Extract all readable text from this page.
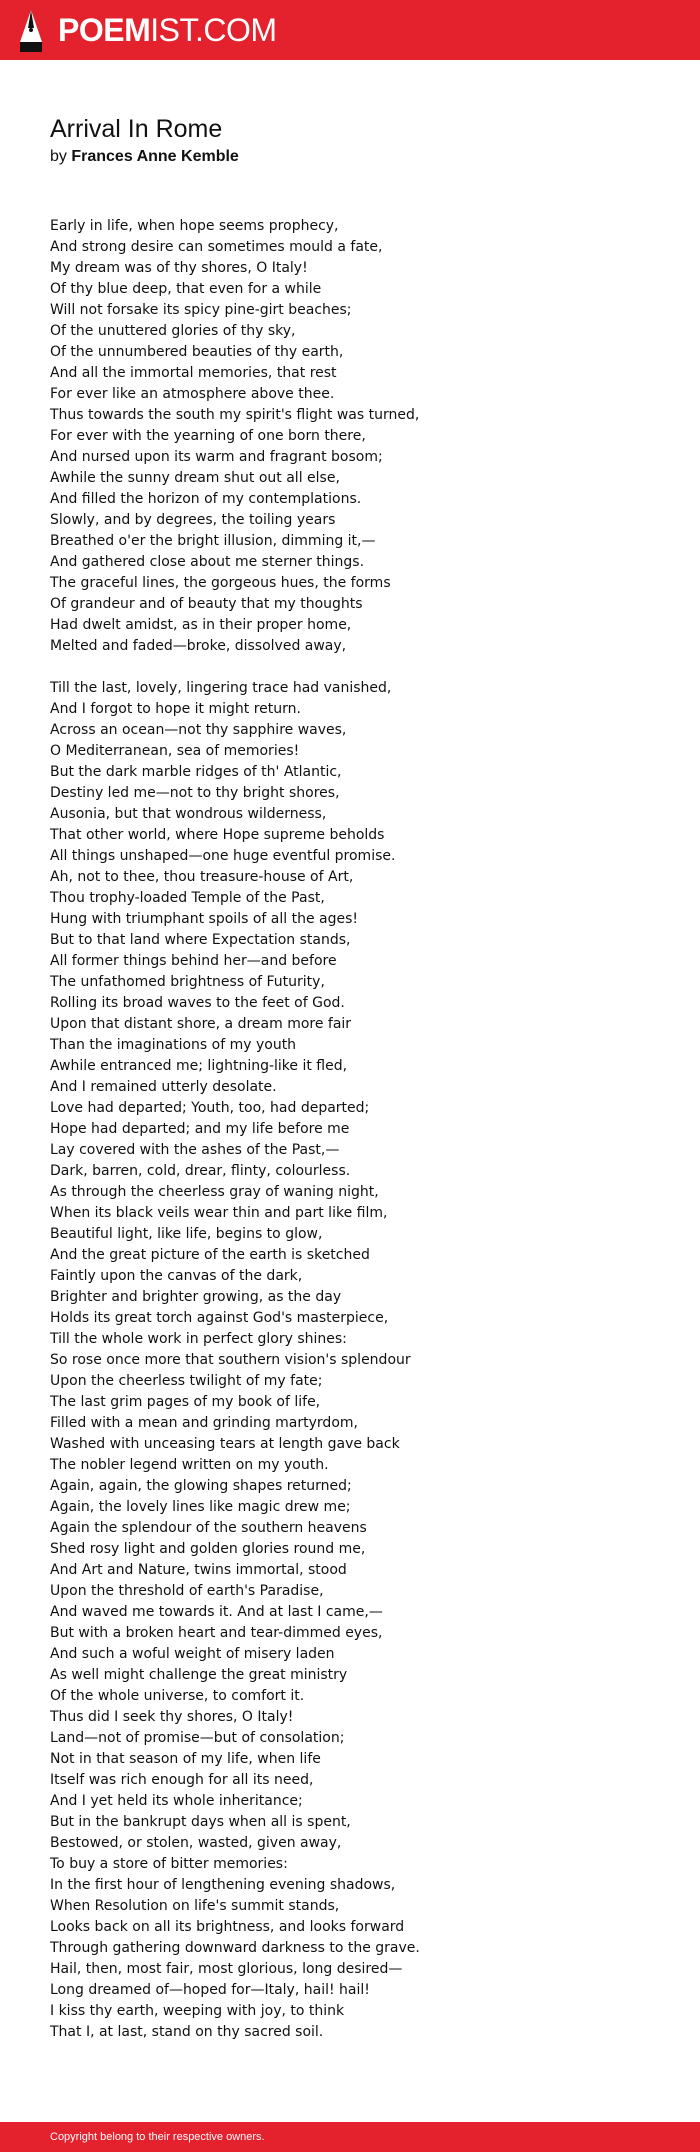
POEMIST.COM
Arrival In Rome

by Frances Anne Kemble

Early in life, when hope seems prophecy,
And strong desire can sometimes mould a fate,
My dream was of thy shores, O Italy!
Of thy blue deep, that even for a while
Will not forsake its spicy pine-girt beaches;
Of the unuttered glories of thy sky,
Of the unnumbered beauties of thy earth,
And all the immortal memories, that rest
For ever like an atmosphere above thee.
Thus towards the south my spirit's flight was turned,
For ever with the yearning of one born there,
And nursed upon its warm and fragrant bosom;
Awhile the sunny dream shut out all else,
And filled the horizon of my contemplations.
Slowly, and by degrees, the toiling years
Breathed o'er the bright illusion, dimming it,—
And gathered close about me sterner things.
The graceful lines, the gorgeous hues, the forms
Of grandeur and of beauty that my thoughts
Had dwelt amidst, as in their proper home,
Melted and faded—broke, dissolved away,
Till the last, lovely, lingering trace had vanished,
And I forgot to hope it might return.
Across an ocean—not thy sapphire waves,
O Mediterranean, sea of memories!
But the dark marble ridges of th' Atlantic,
Destiny led me—not to thy bright shores,
Ausonia, but that wondrous wilderness,
That other world, where Hope supreme beholds
All things unshaped—one huge eventful promise.
Ah, not to thee, thou treasure-house of Art,
Thou trophy-loaded Temple of the Past,
Hung with triumphant spoils of all the ages!
But to that land where Expectation stands,
All former things behind her—and before
The unfathomed brightness of Futurity,
Rolling its broad waves to the feet of God.
Upon that distant shore, a dream more fair
Than the imaginations of my youth
Awhile entranced me; lightning-like it fled,
And I remained utterly desolate.
Love had departed; Youth, too, had departed;
Hope had departed; and my life before me
Lay covered with the ashes of the Past,—
Dark, barren, cold, drear, flinty, colourless.
As through the cheerless gray of waning night,
When its black veils wear thin and part like film,
Beautiful light, like life, begins to glow,
And the great picture of the earth is sketched
Faintly upon the canvas of the dark,
Brighter and brighter growing, as the day
Holds its great torch against God's masterpiece,
Till the whole work in perfect glory shines:
So rose once more that southern vision's splendour
Upon the cheerless twilight of my fate;
The last grim pages of my book of life,
Filled with a mean and grinding martyrdom,
Washed with unceasing tears at length gave back
The nobler legend written on my youth.
Again, again, the glowing shapes returned;
Again, the lovely lines like magic drew me;
Again the splendour of the southern heavens
Shed rosy light and golden glories round me,
And Art and Nature, twins immortal, stood
Upon the threshold of earth's Paradise,
And waved me towards it. And at last I came,—
But with a broken heart and tear-dimmed eyes,
And such a woful weight of misery laden
As well might challenge the great ministry
Of the whole universe, to comfort it.
Thus did I seek thy shores, O Italy!
Land—not of promise—but of consolation;
Not in that season of my life, when life
Itself was rich enough for all its need,
And I yet held its whole inheritance;
But in the bankrupt days when all is spent,
Bestowed, or stolen, wasted, given away,
To buy a store of bitter memories:
In the first hour of lengthening evening shadows,
When Resolution on life's summit stands,
Looks back on all its brightness, and looks forward
Through gathering downward darkness to the grave.
Hail, then, most fair, most glorious, long desired—
Long dreamed of—hoped for—Italy, hail! hail!
I kiss thy earth, weeping with joy, to think
That I, at last, stand on thy sacred soil.
Copyright belong to their respective owners.
